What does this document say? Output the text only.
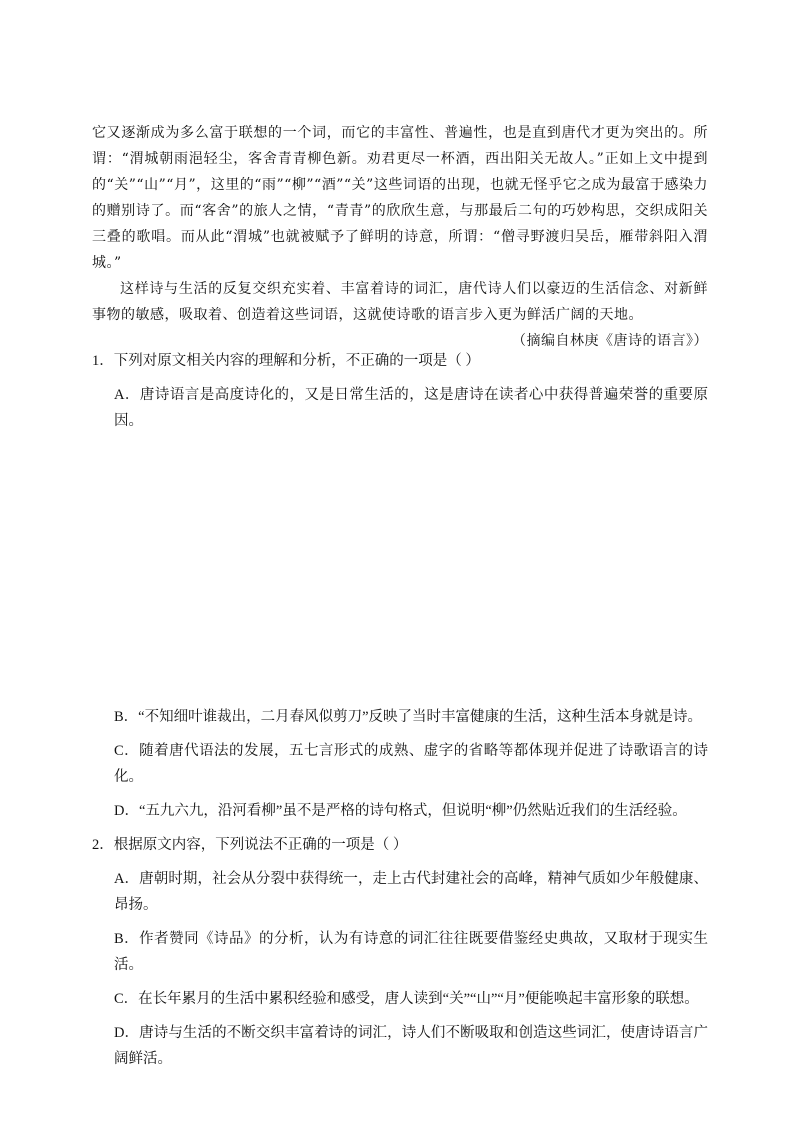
它又逐渐成为多么富于联想的一个词，而它的丰富性、普遍性，也是直到唐代才更为突出的。所谓：“渭城朝雨浥轻尘，客舍青青柳色新。劝君更尽一杯酒，西出阳关无故人。”正如上文中提到的“关”“山”“月”，这里的“雨”“柳”“酒”“关”这些词语的出现，也就无怪乎它之成为最富于感染力的赠别诗了。而“客舍”的旅人之情，“青青”的欣欣生意，与那最后二句的巧妙构思，交织成阳关三叠的歌唱。而从此“渭城”也就被赋予了鲜明的诗意，所谓：“僧寻野渡归吴岳，雁带斜阳入渭城。”

这样诗与生活的反复交织充实着、丰富着诗的词汇，唐代诗人们以豪迈的生活信念、对新鲜事物的敏感，吸取着、创造着这些词语，这就使诗歌的语言步入更为鲜活广阔的天地。

（摘编自林庚《唐诗的语言》）

1．下列对原文相关内容的理解和分析，不正确的一项是（ ）

A．唐诗语言是高度诗化的，又是日常生活的，这是唐诗在读者心中获得普遍荣誉的重要原因。

B．“不知细叶谁裁出，二月春风似剪刀”反映了当时丰富健康的生活，这种生活本身就是诗。

C．随着唐代语法的发展，五七言形式的成熟、虚字的省略等都体现并促进了诗歌语言的诗化。

D．“五九六九，沿河看柳”虽不是严格的诗句格式，但说明“柳”仍然贴近我们的生活经验。

2．根据原文内容，下列说法不正确的一项是（ ）

A．唐朝时期，社会从分裂中获得统一，走上古代封建社会的高峰，精神气质如少年般健康、昂扬。

B．作者赞同《诗品》的分析，认为有诗意的词汇往往既要借鉴经史典故，又取材于现实生活。

C．在长年累月的生活中累积经验和感受，唐人读到“关”“山”“月”便能唤起丰富形象的联想。

D．唐诗与生活的不断交织丰富着诗的词汇，诗人们不断吸取和创造这些词汇，使唐诗语言广阔鲜活。
